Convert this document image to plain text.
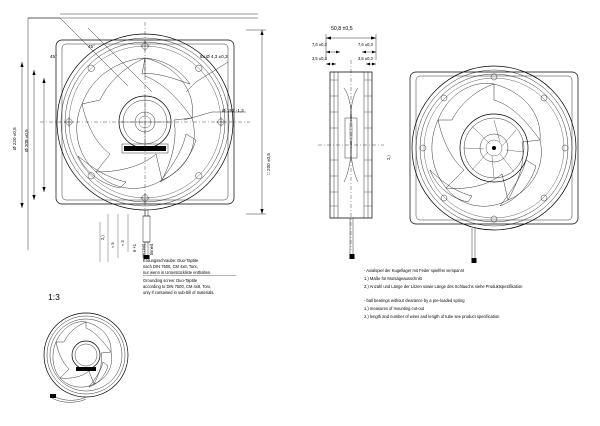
Ø 220 ±0,5 Ø 208 ±0,5
45°
45°
8x Ø 4,3 ±0,3
Ø 197 -1,3
□ 200 ±0,5
2,)
≈ 5 ≈ 3
6 +1 verzinnt tinned
50,8 ±0,5
7,6 ±0,3	7,6 ±0,3
3,5 ±0,3	3,5 ±0,3
2,)
1:3
Erdungsschraube: Duo-Taptite
nach DIN 7500, CM 4x8, Torx,
nur wenn in Unterstückliste enthalten.
Grounding screw: Duo-Taptite
according to DIN 7500, CM 4x8, Torx,
only if contained in sub-bill of materials.
- Axialspiel der Kugellager mit Feder spielfrei verspannt
1.) Maße für Montageausschnitt
2.) Anzahl und Länge der Litzen sowie Länge des Schlauchs siehe Produktspezifikation
- ball bearings without clearance by a pre-loaded spring
1.) measures of mounting cut-out
2.) length and number of wires and length of tube see product specification
